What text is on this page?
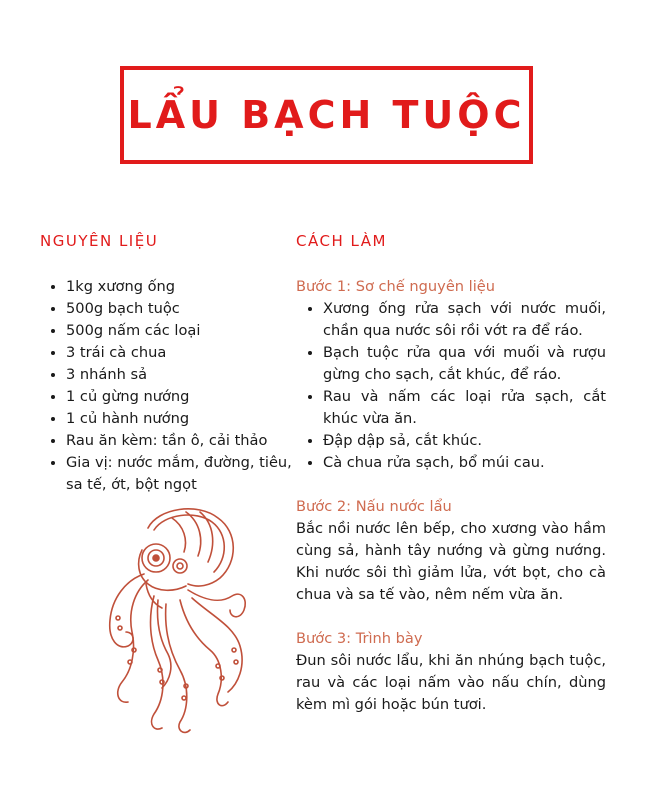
LẨU BẠCH TUỘC
NGUYÊN LIỆU	CÁCH LÀM
• 1kg xương ống
• 500g bạch tuộc
• 500g nấm các loại
• 3 trái cà chua
• 3 nhánh sả
• 1 củ gừng nướng
• 1 củ hành nướng
• Rau ăn kèm: tần ô, cải thảo
• Gia vị: nước mắm, đường, tiêu, sa tế, ớt, bột ngọt
Bước 1: Sơ chế nguyên liệu
• Xương ống rửa sạch với nước muối, chần qua nước sôi rồi vớt ra để ráo.
• Bạch tuộc rửa qua với muối và rượu gừng cho sạch, cắt khúc, để ráo.
• Rau và nấm các loại rửa sạch, cắt khúc vừa ăn.
• Đập dập sả, cắt khúc.
• Cà chua rửa sạch, bổ múi cau.
Bước 2: Nấu nước lẩu

Bắc nồi nước lên bếp, cho xương vào hầm cùng sả, hành tây nướng và gừng nướng. Khi nước sôi thì giảm lửa, vớt bọt, cho cà chua và sa tế vào, nêm nếm vừa ăn.

Bước 3: Trình bày

Đun sôi nước lẩu, khi ăn nhúng bạch tuộc, rau và các loại nấm vào nấu chín, dùng kèm mì gói hoặc bún tươi.
